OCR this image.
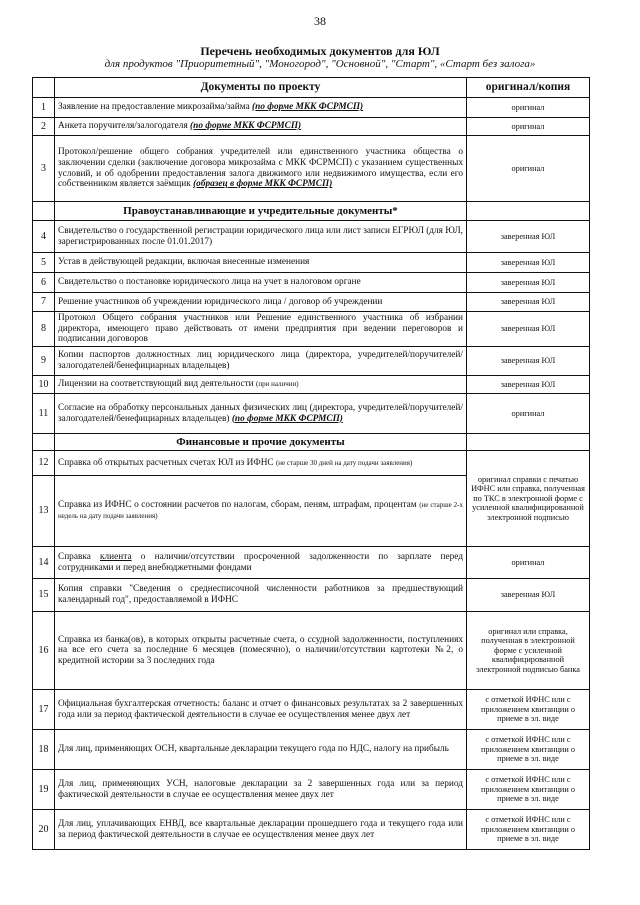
38
Перечень необходимых документов для ЮЛ
для продуктов "Приоритетный", "Моногород", "Основной", "Старт", «Старт без залога»
	Документы по проекту	оригинал/копия
1	Заявление на предоставление микрозайма/займа (по форме МКК ФСРМСП)	оригинал
2	Анкета поручителя/залогодателя (по форме МКК ФСРМСП)	оригинал
3	Протокол/решение общего собрания учредителей или единственного участника общества о заключении сделки (заключение договора микрозайма с МКК ФСРМСП) с указанием существенных условий, и об одобрении предоставления залога движимого или недвижимого имущества, если его собственником является заёмщик (образец в форме МКК ФСРМСП)	оригинал
	Правоустанавливающие и учредительные документы*	
4	Свидетельство о государственной регистрации юридического лица или лист записи ЕГРЮЛ (для ЮЛ, зарегистрированных после 01.01.2017)	заверенная ЮЛ
5	Устав в действующей редакции, включая внесенные изменения	заверенная ЮЛ
6	Свидетельство о постановке юридического лица на учет в налоговом органе	заверенная ЮЛ
7	Решение участников об учреждении юридического лица / договор об учреждении	заверенная ЮЛ
8	Протокол Общего собрания участников или Решение единственного участника об избрании директора, имеющего право действовать от имени предприятия при ведении переговоров и подписании договоров	заверенная ЮЛ
9	Копии паспортов должностных лиц юридического лица (директора, учредителей/поручителей/залогодателей/бенефициарных владельцев)	заверенная ЮЛ
10	Лицензии на соответствующий вид деятельности (при наличии)	заверенная ЮЛ
11	Согласие на обработку персональных данных физических лиц (директора, учредителей/поручителей/залогодателей/бенефициарных владельцев) (по форме МКК ФСРМСП)	оригинал
	Финансовые и прочие документы	
12	Справка об открытых расчетных счетах ЮЛ из ИФНС (не старше 30 дней на дату подачи заявления)	оригинал справки с печатью ИФНС или справка, полученная по ТКС в электронной форме с усиленной квалифицированной электронной подписью
13	Справка из ИФНС о состоянии расчетов по налогам, сборам, пеням, штрафам, процентам (не старше 2-х недель на дату подачи заявления)	
14	Справка клиента о наличии/отсутствии просроченной задолженности по зарплате перед сотрудниками и перед внебюджетными фондами	оригинал
15	Копия справки "Сведения о среднесписочной численности работников за предшествующий календарный год", предоставляемой в ИФНС	заверенная ЮЛ
16	Справка из банка(ов), в которых открыты расчетные счета, о ссудной задолженности, поступлениях на все его счета за последние 6 месяцев (помесячно), о наличии/отсутствии картотеки №2, о кредитной истории за 3 последних года	оригинал или справка, полученная в электронной форме с усиленной квалифицированной электронной подписью банка
17	Официальная бухгалтерская отчетность: баланс и отчет о финансовых результатах за 2 завершенных года или за период фактической деятельности в случае ее осуществления менее двух лет	с отметкой ИФНС или с приложением квитанции о приеме в эл. виде
18	Для лиц, применяющих ОСН, квартальные декларации текущего года по НДС, налогу на прибыль	с отметкой ИФНС или с приложением квитанции о приеме в эл. виде
19	Для лиц, применяющих УСН, налоговые декларации за 2 завершенных года или за период фактической деятельности в случае ее осуществления менее двух лет	с отметкой ИФНС или с приложением квитанции о приеме в эл. виде
20	Для лиц, уплачивающих ЕНВД, все квартальные декларации прошедшего года и текущего года или за период фактической деятельности в случае ее осуществления менее двух лет	с отметкой ИФНС или с приложением квитанции о приеме в эл. виде
